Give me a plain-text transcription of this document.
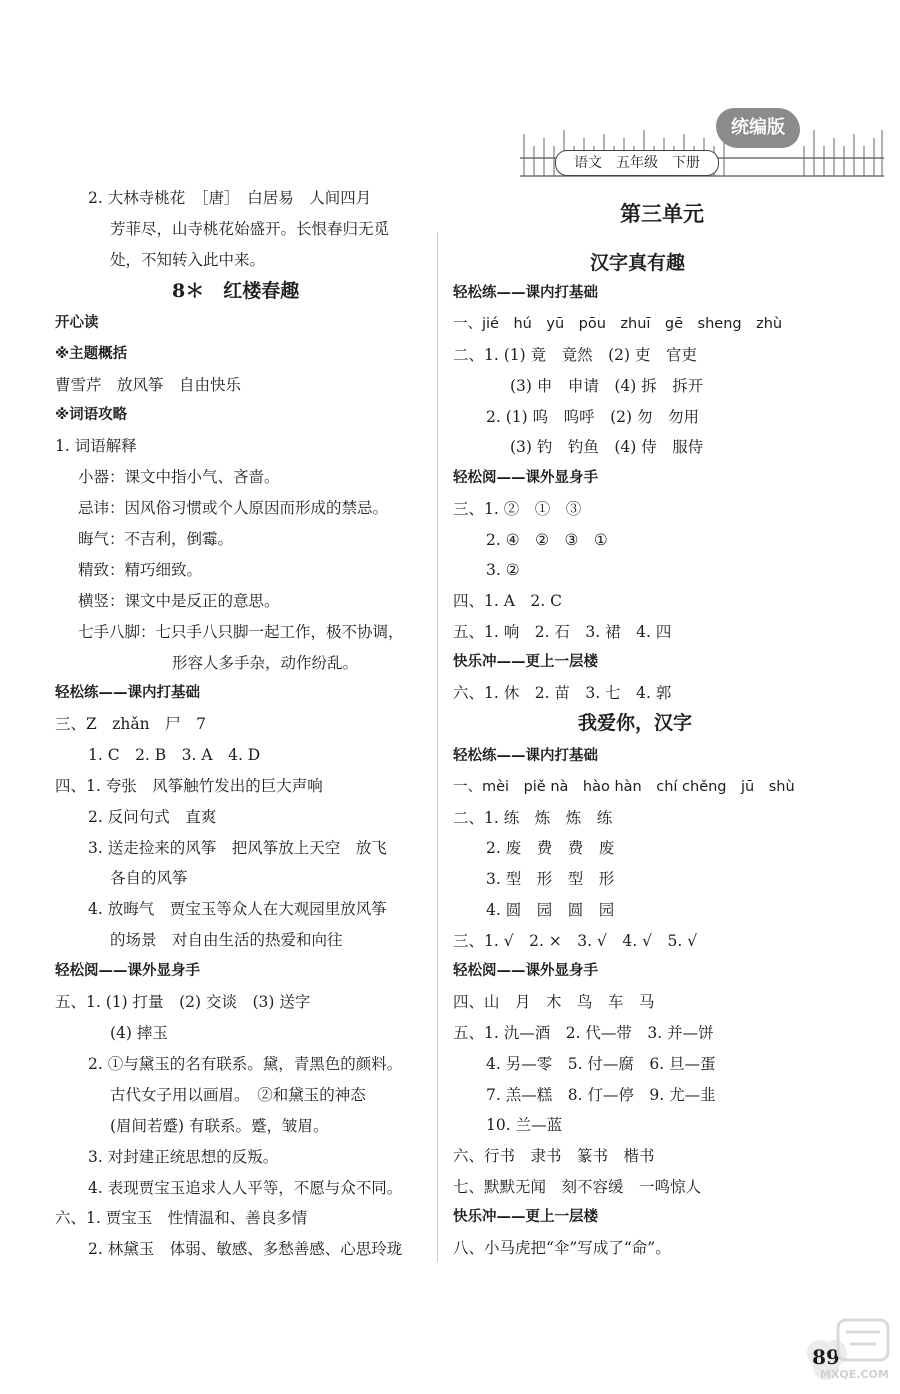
统编版
语文　五年级　下册
2. 大林寺桃花　［唐］　白居易　人间四月
芳菲尽，山寺桃花始盛开。长恨春归无觅
处，不知转入此中来。
8＊　红楼春趣
开心读
※主题概括
曹雪芹　放风筝　自由快乐
※词语攻略
1. 词语解释
小器：课文中指小气、吝啬。
忌讳：因风俗习惯或个人原因而形成的禁忌。
晦气：不吉利，倒霉。
精致：精巧细致。
横竖：课文中是反正的意思。
七手八脚：七只手八只脚一起工作，极不协调，
形容人多手杂，动作纷乱。
轻松练——课内打基础
三、Z　zhǎn　尸　7
1. C　2. B　3. A　4. D
四、1. 夸张　风筝触竹发出的巨大声响
2. 反问句式　直爽
3. 送走捡来的风筝　把风筝放上天空　放飞
各自的风筝
4. 放晦气　贾宝玉等众人在大观园里放风筝
的场景　对自由生活的热爱和向往
轻松阅——课外显身手
五、1. (1) 打量　(2) 交谈　(3) 送字
(4) 摔玉
2. ①与黛玉的名有联系。黛，青黑色的颜料。
古代女子用以画眉。　②和黛玉的神态
(眉间若蹙) 有联系。蹙，皱眉。
3. 对封建正统思想的反叛。
4. 表现贾宝玉追求人人平等，不愿与众不同。
六、1. 贾宝玉　性情温和、善良多情
2. 林黛玉　体弱、敏感、多愁善感、心思玲珑
第三单元
汉字真有趣
轻松练——课内打基础
一、jié　hú　yū　pōu　zhuī　gē　sheng　zhù
二、1. (1) 竟　竟然　(2) 吏　官吏
(3) 申　申请　(4) 拆　拆开
2. (1) 呜　呜呼　(2) 勿　勿用
(3) 钓　钓鱼　(4) 侍　服侍
轻松阅——课外显身手
三、1. ②　①　③
2. ④　②　③　①
3. ②
四、1. A　2. C
五、1. 响　2. 石　3. 裙　4. 四
快乐冲——更上一层楼
六、1. 休　2. 苗　3. 七　4. 郭
我爱你，汉字
轻松练——课内打基础
一、mèi　piě nà　hào hàn　chí chěng　jū　shù
二、1. 练　炼　炼　练
2. 废　费　费　废
3. 型　形　型　形
4. 圆　园　圆　园
三、1. √　2. ×　3. √　4. √　5. √
轻松阅——课外显身手
四、山　月　木　鸟　车　马
五、1. 氿—酒　2. 代—带　3. 并—饼
4. 另—零　5. 付—腐　6. 旦—蛋
7. 羔—糕　8. 仃—停　9. 尤—韭
10. 兰—蓝
六、行书　隶书　篆书　楷书
七、默默无闻　刻不容缓　一鸣惊人
快乐冲——更上一层楼
八、小马虎把“伞”写成了“命”。
89
MXQE.COM
